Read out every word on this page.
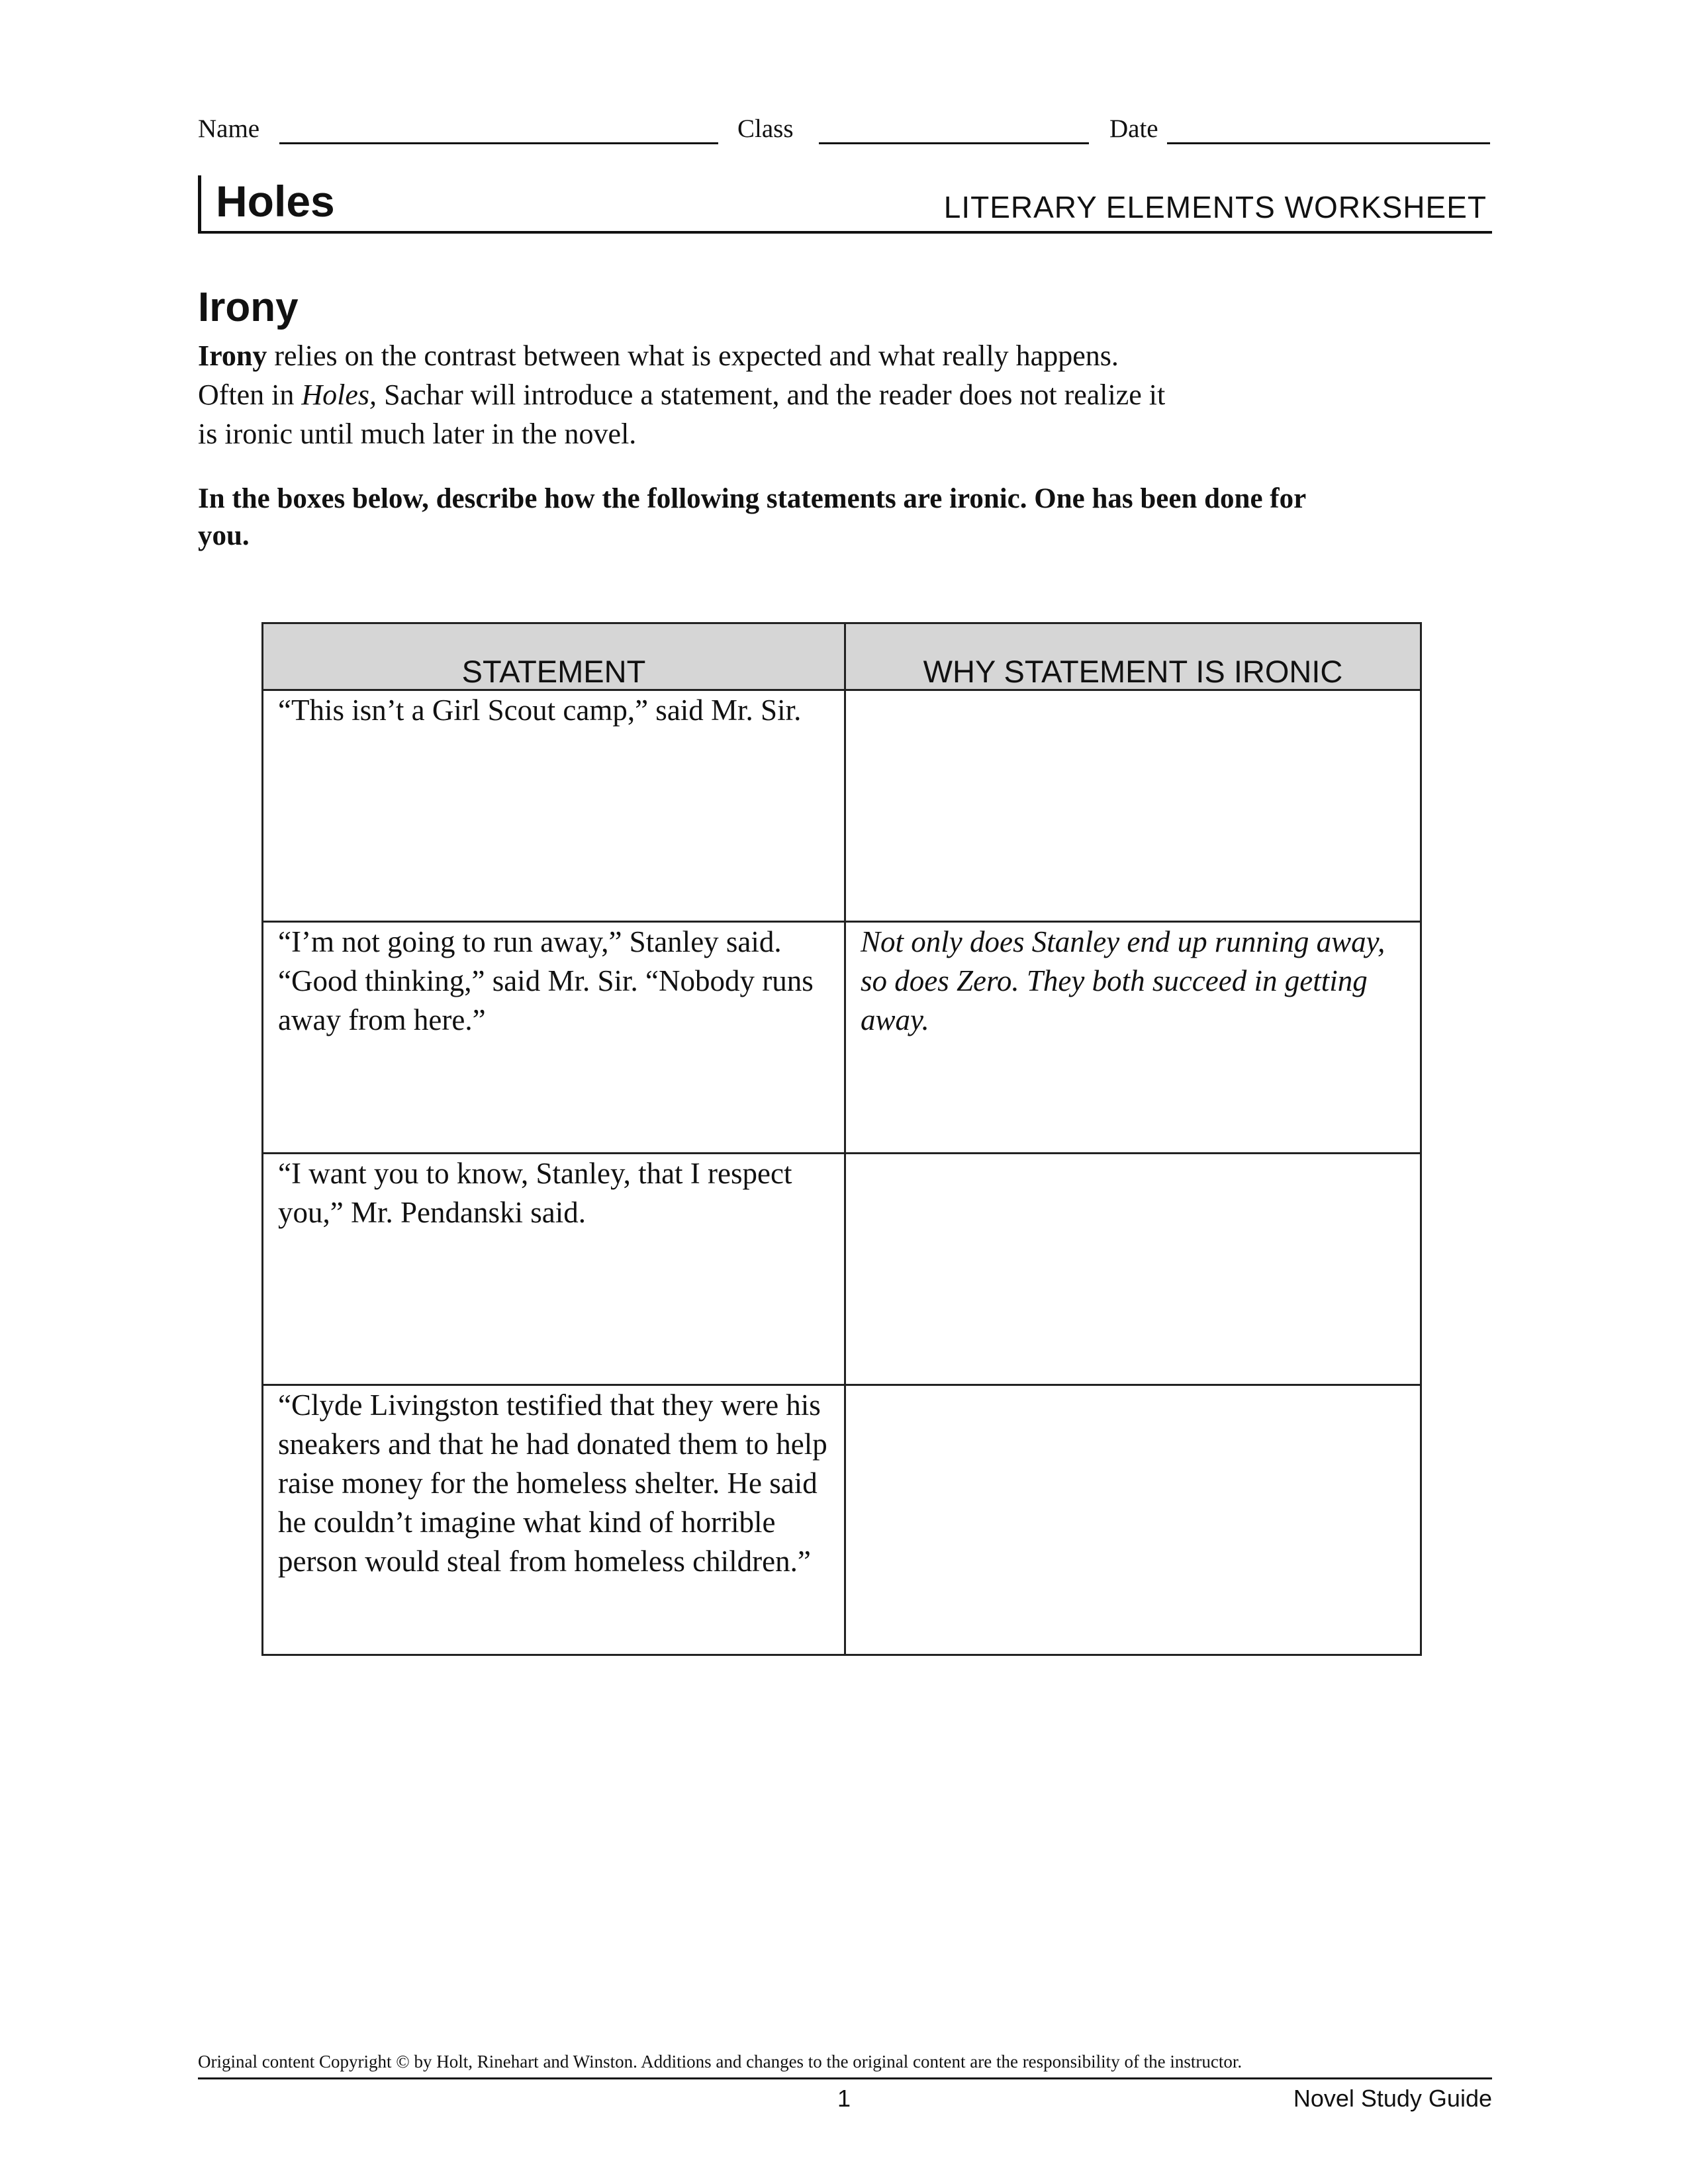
Name	Class	Date
Holes	LITERARY ELEMENTS WORKSHEET
Irony

Irony relies on the contrast between what is expected and what really happens.

Often in Holes, Sachar will introduce a statement, and the reader does not realize it

is ironic until much later in the novel.

In the boxes below, describe how the following statements are ironic. One has been done for you.
STATEMENT	WHY STATEMENT IS IRONIC

“This isn’t a Girl Scout camp,” said Mr. Sir.	
“I’m not going to run away,” Stanley said. “Good thinking,” said Mr. Sir. “Nobody runs away from here.”	Not only does Stanley end up running away, so does Zero. They both succeed in getting away.
“I want you to know, Stanley, that I respect you,” Mr. Pendanski said.	
“Clyde Livingston testified that they were his sneakers and that he had donated them to help raise money for the homeless shelter. He said he couldn’t imagine what kind of horrible person would steal from homeless children.”	
Original content Copyright © by Holt, Rinehart and Winston. Additions and changes to the original content are the responsibility of the instructor.
1	Novel Study Guide
